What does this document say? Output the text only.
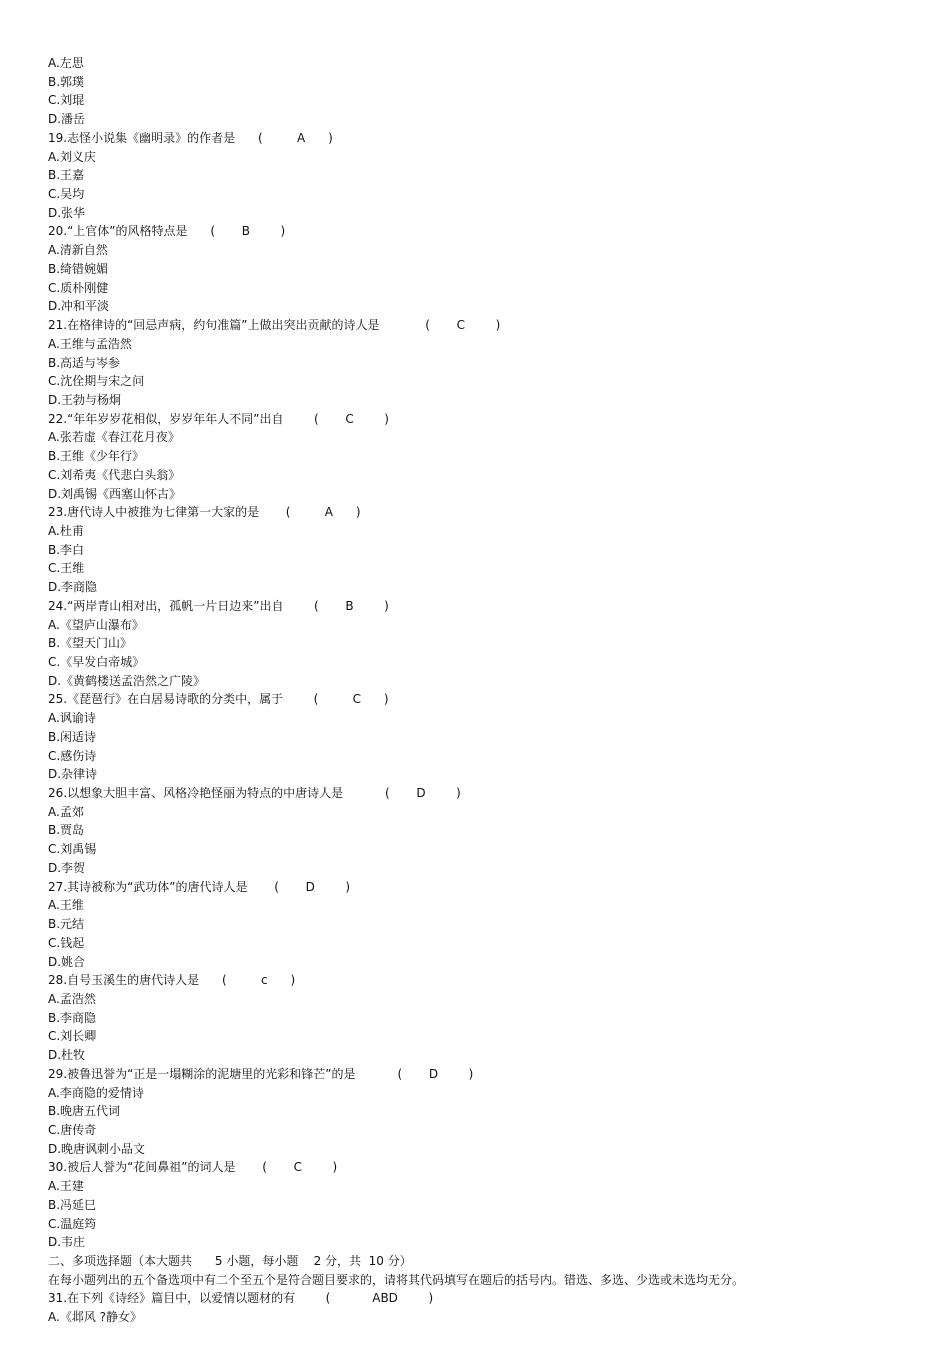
A.左思
B.郭璞
C.刘琨
D.潘岳
19.志怪小说集《幽明录》的作者是      (         A      )
A.刘义庆
B.王嘉
C.吴均
D.张华
20.“上官体”的风格特点是      (       B        )
A.清新自然
B.绮错婉媚
C.质朴刚健
D.冲和平淡
21.在格律诗的“回忌声病，约句准篇”上做出突出贡献的诗人是            (       C        )
A.王维与孟浩然
B.高适与岑参
C.沈佺期与宋之问
D.王勃与杨炯
22.“年年岁岁花相似，岁岁年年人不同”出自        (       C        )
A.张若虚《春江花月夜》
B.王维《少年行》
C.刘希夷《代悲白头翁》
D.刘禹锡《西塞山怀古》
23.唐代诗人中被推为七律第一大家的是       (         A      )
A.杜甫
B.李白
C.王维
D.李商隐
24.“两岸青山相对出，孤帆一片日边来”出自        (       B        )
A.《望庐山瀑布》
B.《望天门山》
C.《早发白帝城》
D.《黄鹤楼送孟浩然之广陵》
25.《琵琶行》在白居易诗歌的分类中，属于        (         C      )
A.讽谕诗
B.闲适诗
C.感伤诗
D.杂律诗
26.以想象大胆丰富、风格冷艳怪丽为特点的中唐诗人是           (       D        )
A.孟郊
B.贾岛
C.刘禹锡
D.李贺
27.其诗被称为“武功体”的唐代诗人是       (       D        )
A.王维
B.元结
C.钱起
D.姚合
28.自号玉溪生的唐代诗人是      (         c      )
A.孟浩然
B.李商隐
C.刘长卿
D.杜牧
29.被鲁迅誉为“正是一塌糊涂的泥塘里的光彩和锋芒”的是           (       D        )
A.李商隐的爱情诗
B.晚唐五代词
C.唐传奇
D.晚唐讽刺小品文
30.被后人誉为“花间鼻祖”的词人是       (       C        )
A.王建
B.冯延巳
C.温庭筠
D.韦庄
二、多项选择题（本大题共      5 小题，每小题    2 分，共  10 分）
在每小题列出的五个备选项中有二个至五个是符合题目要求的，请将其代码填写在题后的括号内。错选、多选、少选或未选均无分。
31.在下列《诗经》篇目中，以爱情以题材的有        (           ABD        )
A.《邶风 ?静女》
